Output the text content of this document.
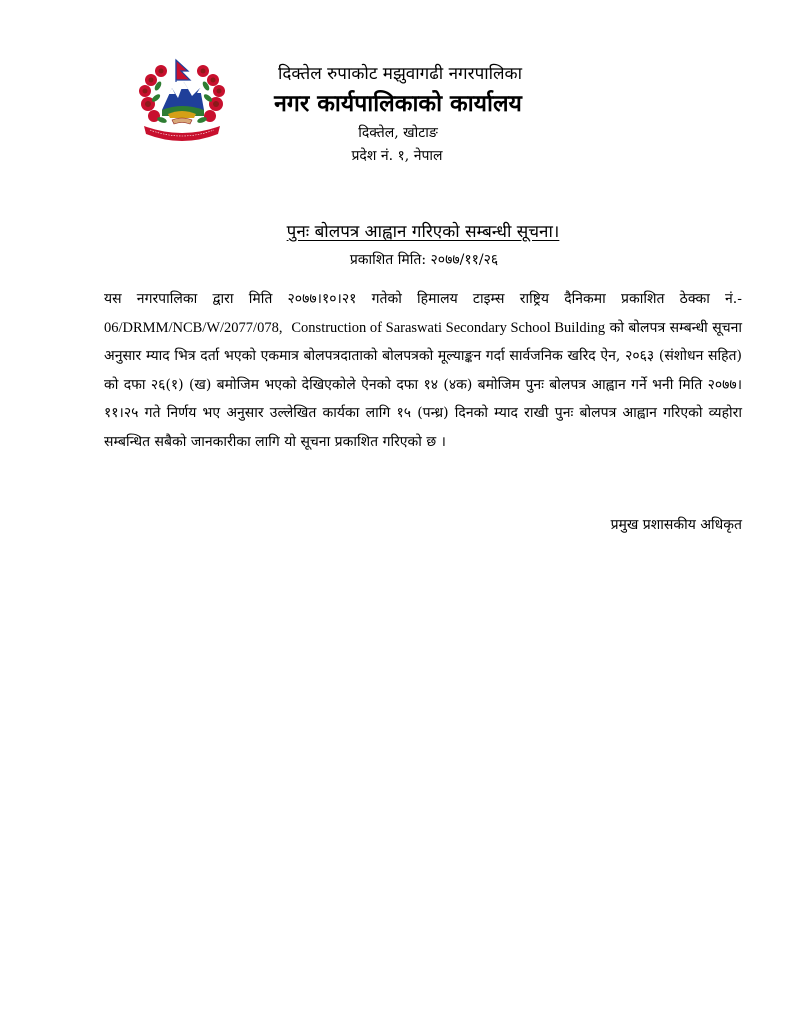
दिक्तेल रुपाकोट मझुवागढी नगरपालिका
नगर कार्यपालिकाको कार्यालय
दिक्तेल, खोटाङ
प्रदेश नं. १, नेपाल
पुनः बोलपत्र आह्वान गरिएको सम्बन्धी सूचना।
प्रकाशित मिति: २०७७/११/२६
यस नगरपालिका द्वारा मिति २०७७।१०।२१ गतेको हिमालय टाइम्स राष्ट्रिय दैनिकमा प्रकाशित ठेक्का नं.- 06/DRMM/NCB/W/2077/078, Construction of Saraswati Secondary School Building को बोलपत्र सम्बन्धी सूचना अनुसार म्याद भित्र दर्ता भएको एकमात्र बोलपत्रदाताको बोलपत्रको मूल्याङ्कन गर्दा सार्वजनिक खरिद ऐन, २०६३ (संशोधन सहित) को दफा २६(१) (ख) बमोजिम भएको देखिएकोले ऐनको दफा १४ (४क) बमोजिम पुनः बोलपत्र आह्वान गर्ने भनी मिति २०७७।११।२५ गते निर्णय भए अनुसार उल्लेखित कार्यका लागि १५ (पन्ध्र) दिनको म्याद राखी पुनः बोलपत्र आह्वान गरिएको व्यहोरा सम्बन्धित सबैको जानकारीका लागि यो सूचना प्रकाशित गरिएको छ ।
प्रमुख प्रशासकीय अधिकृत
